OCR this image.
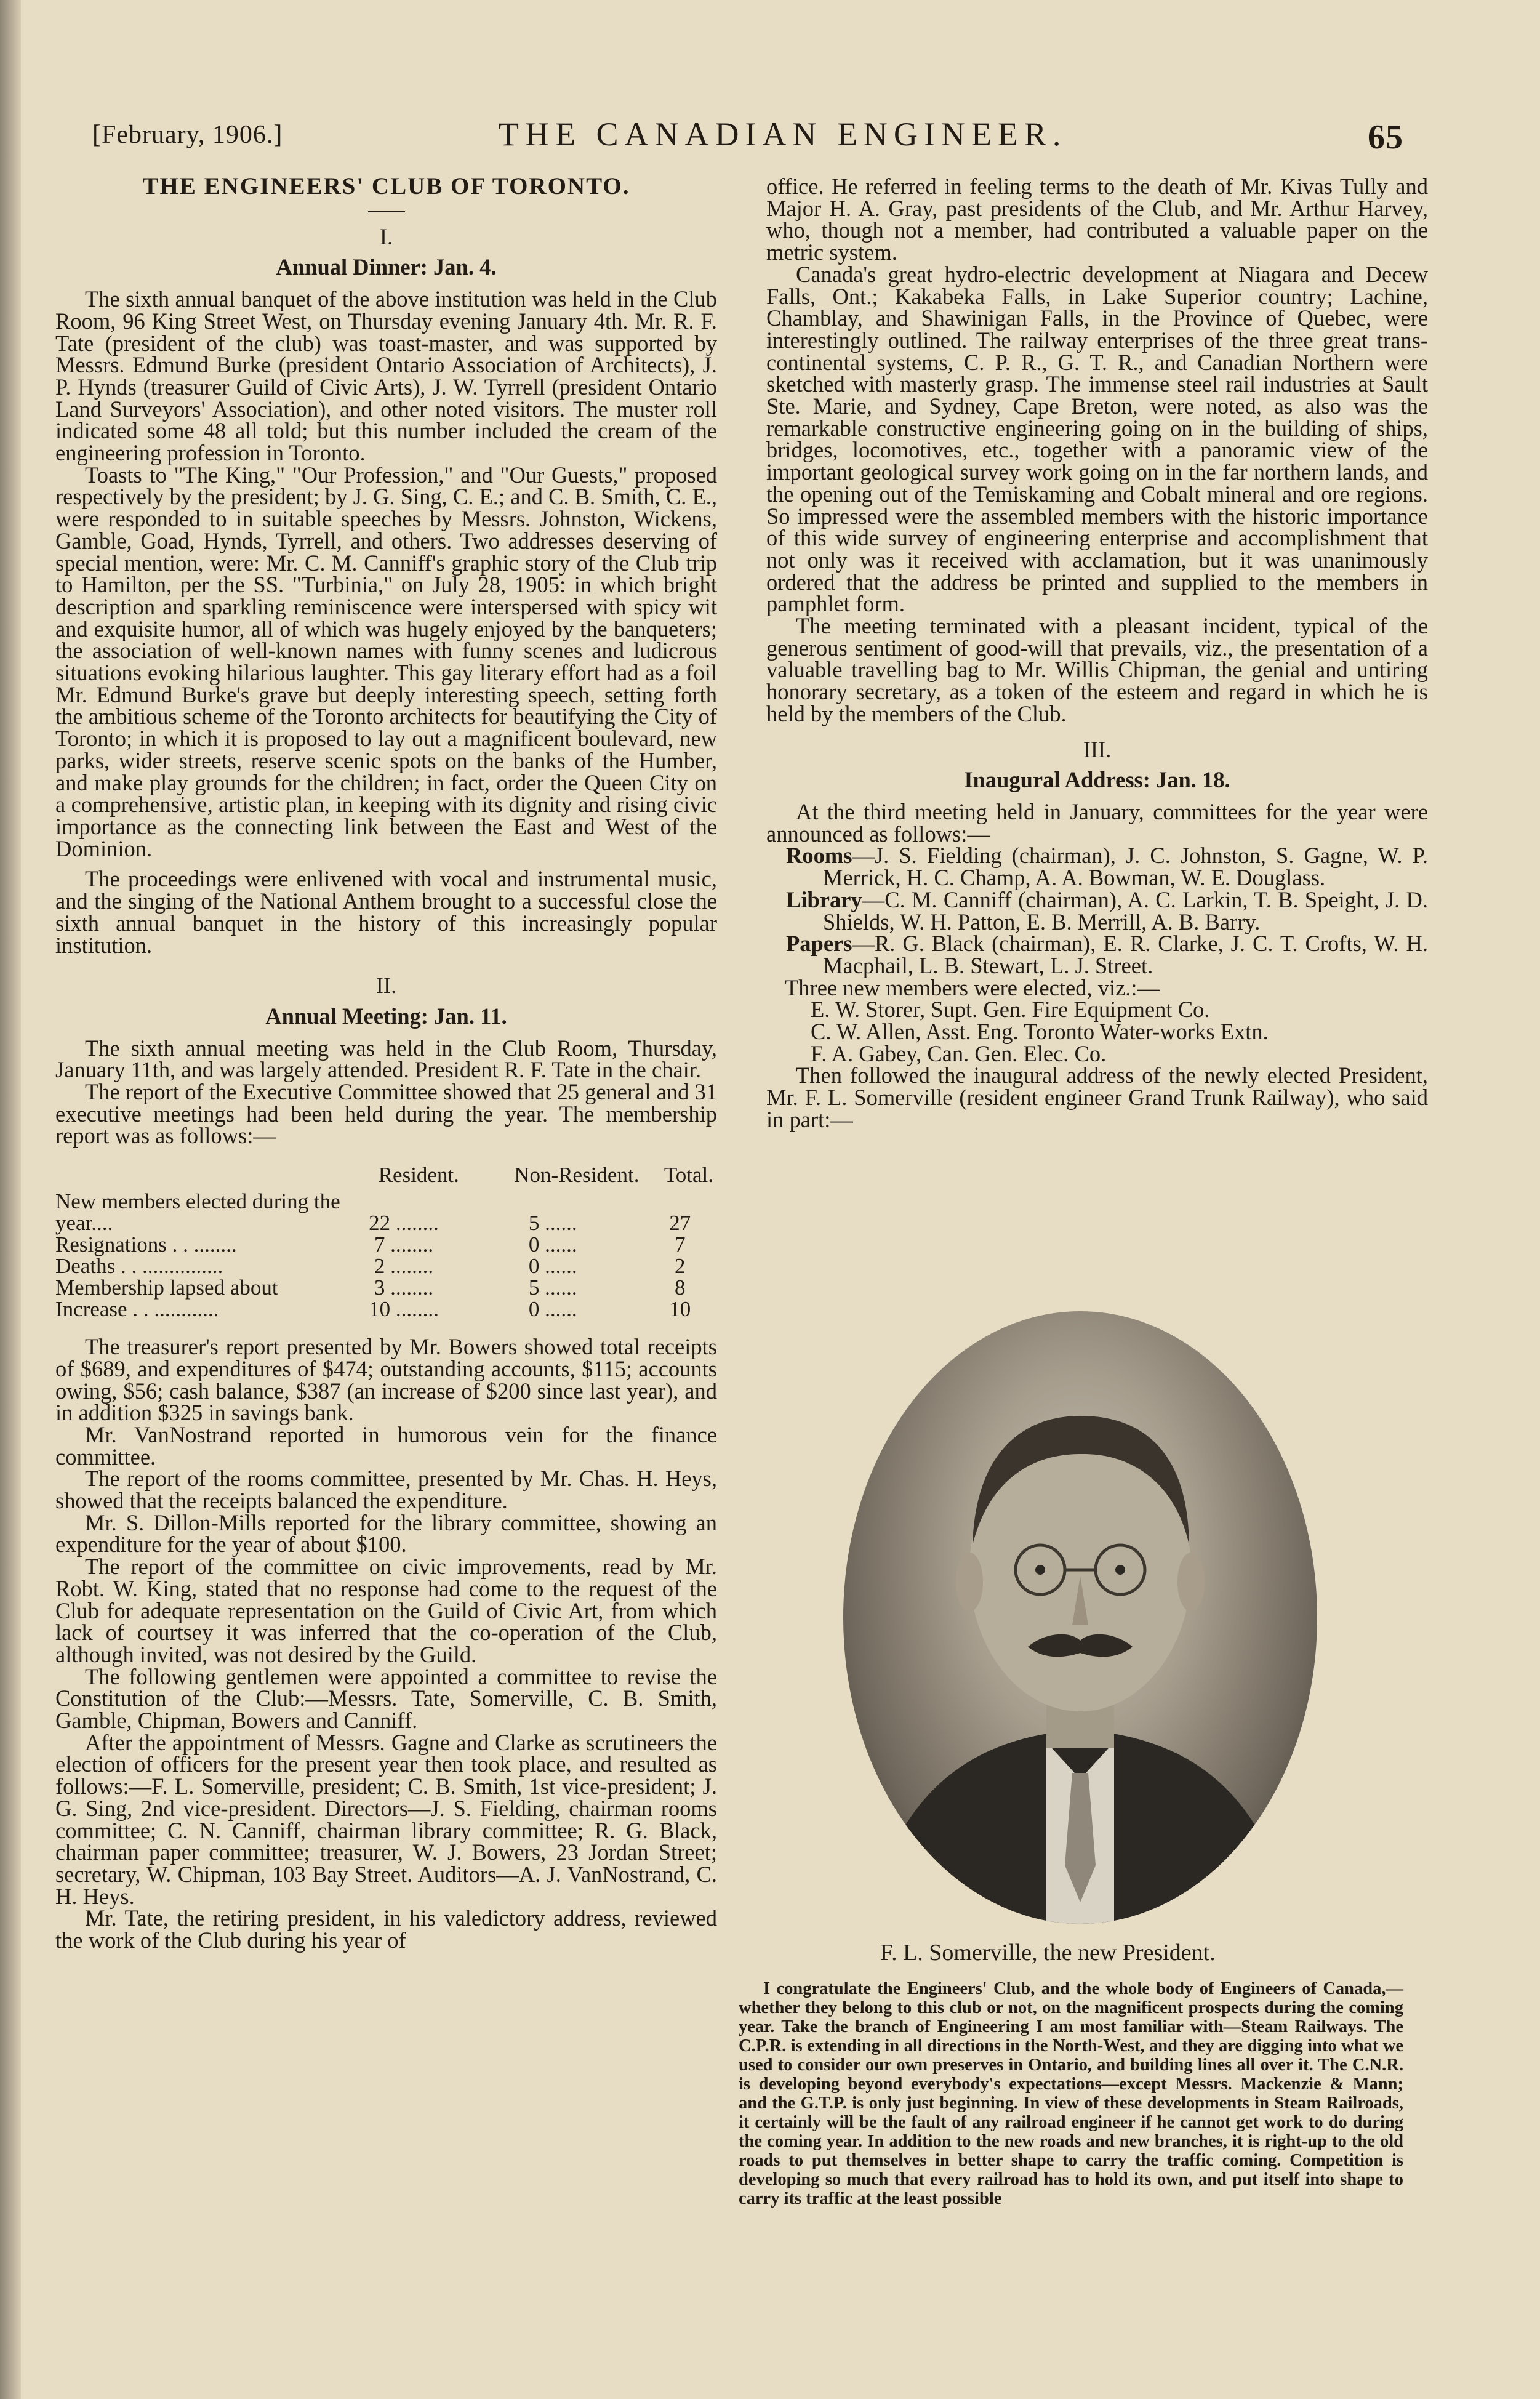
[February, 1906.]	THE CANADIAN ENGINEER.	65

THE ENGINEERS' CLUB OF TORONTO.

I.

Annual Dinner: Jan. 4.

The sixth annual banquet of the above institution was held in the Club Room, 96 King Street West, on Thursday evening January 4th. Mr. R. F. Tate (president of the club) was toast-master, and was supported by Messrs. Edmund Burke (president Ontario Association of Architects), J. P. Hynds (treasurer Guild of Civic Arts), J. W. Tyrrell (president Ontario Land Surveyors' Association), and other noted visitors. The muster roll indicated some 48 all told; but this number included the cream of the engineering profession in Toronto.

Toasts to "The King," "Our Profession," and "Our Guests," proposed respectively by the president; by J. G. Sing, C. E.; and C. B. Smith, C. E., were responded to in suitable speeches by Messrs. Johnston, Wickens, Gamble, Goad, Hynds, Tyrrell, and others. Two addresses deserving of special mention, were: Mr. C. M. Canniff's graphic story of the Club trip to Hamilton, per the SS. "Turbinia," on July 28, 1905: in which bright description and sparkling reminiscence were interspersed with spicy wit and exquisite humor, all of which was hugely enjoyed by the banqueters; the association of well-known names with funny scenes and ludicrous situations evoking hilarious laughter. This gay literary effort had as a foil Mr. Edmund Burke's grave but deeply interesting speech, setting forth the ambitious scheme of the Toronto architects for beautifying the City of Toronto; in which it is proposed to lay out a magnificent boulevard, new parks, wider streets, reserve scenic spots on the banks of the Humber, and make play grounds for the children; in fact, order the Queen City on a comprehensive, artistic plan, in keeping with its dignity and rising civic importance as the connecting link between the East and West of the Dominion.

The proceedings were enlivened with vocal and instrumental music, and the singing of the National Anthem brought to a successful close the sixth annual banquet in the history of this increasingly popular institution.

II.

Annual Meeting: Jan. 11.

The sixth annual meeting was held in the Club Room, Thursday, January 11th, and was largely attended. President R. F. Tate in the chair.

The report of the Executive Committee showed that 25 general and 31 executive meetings had been held during the year. The membership report was as follows:—

	Resident.	Non-Resident.	Total.
New members elected during the year....	22 ........	5 ......	27
Resignations . . ........	7 ........	0 ......	7
Deaths . . ...............	2 ........	0 ......	2
Membership lapsed about	3 ........	5 ......	8
Increase . . ............	10 ........	0 ......	10

The treasurer's report presented by Mr. Bowers showed total receipts of $689, and expenditures of $474; outstanding accounts, $115; accounts owing, $56; cash balance, $387 (an increase of $200 since last year), and in addition $325 in savings bank.

Mr. VanNostrand reported in humorous vein for the finance committee.

The report of the rooms committee, presented by Mr. Chas. H. Heys, showed that the receipts balanced the expenditure.

Mr. S. Dillon-Mills reported for the library committee, showing an expenditure for the year of about $100.

The report of the committee on civic improvements, read by Mr. Robt. W. King, stated that no response had come to the request of the Club for adequate representation on the Guild of Civic Art, from which lack of courtsey it was inferred that the co-operation of the Club, although invited, was not desired by the Guild.

The following gentlemen were appointed a committee to revise the Constitution of the Club:—Messrs. Tate, Somerville, C. B. Smith, Gamble, Chipman, Bowers and Canniff.

After the appointment of Messrs. Gagne and Clarke as scrutineers the election of officers for the present year then took place, and resulted as follows:—F. L. Somerville, president; C. B. Smith, 1st vice-president; J. G. Sing, 2nd vice-president. Directors—J. S. Fielding, chairman rooms committee; C. N. Canniff, chairman library committee; R. G. Black, chairman paper committee; treasurer, W. J. Bowers, 23 Jordan Street; secretary, W. Chipman, 103 Bay Street. Auditors—A. J. VanNostrand, C. H. Heys.

Mr. Tate, the retiring president, in his valedictory address, reviewed the work of the Club during his year of

office. He referred in feeling terms to the death of Mr. Kivas Tully and Major H. A. Gray, past presidents of the Club, and Mr. Arthur Harvey, who, though not a member, had contributed a valuable paper on the metric system.

Canada's great hydro-electric development at Niagara and Decew Falls, Ont.; Kakabeka Falls, in Lake Superior country; Lachine, Chamblay, and Shawinigan Falls, in the Province of Quebec, were interestingly outlined. The railway enterprises of the three great trans-continental systems, C. P. R., G. T. R., and Canadian Northern were sketched with masterly grasp. The immense steel rail industries at Sault Ste. Marie, and Sydney, Cape Breton, were noted, as also was the remarkable constructive engineering going on in the building of ships, bridges, locomotives, etc., together with a panoramic view of the important geological survey work going on in the far northern lands, and the opening out of the Temiskaming and Cobalt mineral and ore regions. So impressed were the assembled members with the historic importance of this wide survey of engineering enterprise and accomplishment that not only was it received with acclamation, but it was unanimously ordered that the address be printed and supplied to the members in pamphlet form.

The meeting terminated with a pleasant incident, typical of the generous sentiment of good-will that prevails, viz., the presentation of a valuable travelling bag to Mr. Willis Chipman, the genial and untiring honorary secretary, as a token of the esteem and regard in which he is held by the members of the Club.

III.

Inaugural Address: Jan. 18.

At the third meeting held in January, committees for the year were announced as follows:—

Rooms—J. S. Fielding (chairman), J. C. Johnston, S. Gagne, W. P. Merrick, H. C. Champ, A. A. Bowman, W. E. Douglass.

Library—C. M. Canniff (chairman), A. C. Larkin, T. B. Speight, J. D. Shields, W. H. Patton, E. B. Merrill, A. B. Barry.

Papers—R. G. Black (chairman), E. R. Clarke, J. C. T. Crofts, W. H. Macphail, L. B. Stewart, L. J. Street.

Three new members were elected, viz.:—

E. W. Storer, Supt. Gen. Fire Equipment Co.

C. W. Allen, Asst. Eng. Toronto Water-works Extn.

F. A. Gabey, Can. Gen. Elec. Co.

Then followed the inaugural address of the newly elected President, Mr. F. L. Somerville (resident engineer Grand Trunk Railway), who said in part:—

F. L. Somerville, the new President.

I congratulate the Engineers' Club, and the whole body of Engineers of Canada,—whether they belong to this club or not, on the magnificent prospects during the coming year. Take the branch of Engineering I am most familiar with—Steam Railways. The C.P.R. is extending in all directions in the North-West, and they are digging into what we used to consider our own preserves in Ontario, and building lines all over it. The C.N.R. is developing beyond everybody's expectations—except Messrs. Mackenzie & Mann; and the G.T.P. is only just beginning. In view of these developments in Steam Railroads, it certainly will be the fault of any railroad engineer if he cannot get work to do during the coming year. In addition to the new roads and new branches, it is right-up to the old roads to put themselves in better shape to carry the traffic coming. Competition is developing so much that every railroad has to hold its own, and put itself into shape to carry its traffic at the least possible
